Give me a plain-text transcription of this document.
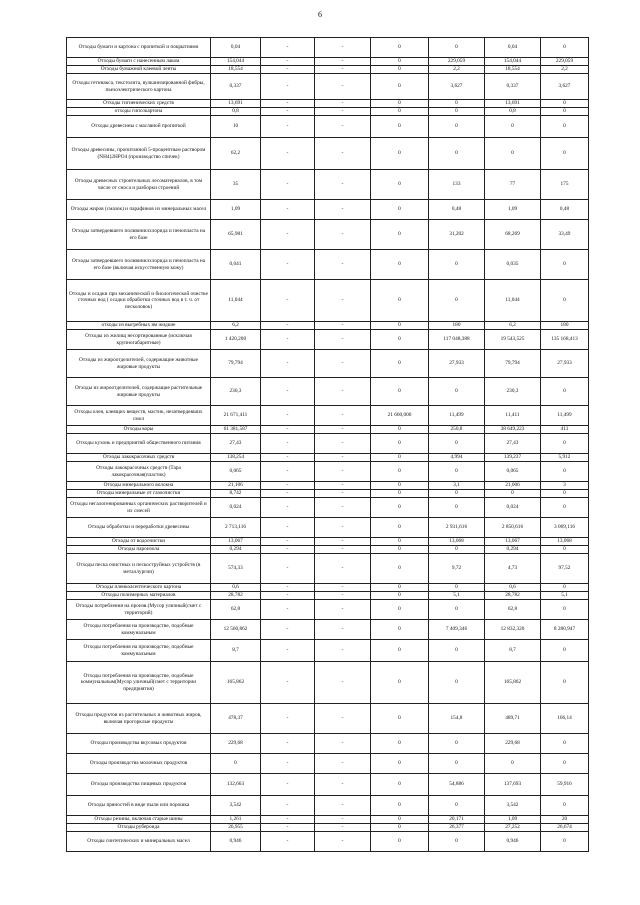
6
Отходы бумаги и картона с пропиткой и покрытиями	0,04	-	-	0	0	0,04	0
Отходы бумаги с нанесенным лаком	154,044	-	-	0	229,059	154,044	229,059
Отходы бумажной клеевой ленты	18,554	-	-	0	2,2	18,554	2,2
Отходы гетинакса, текстолита, вулканизированной фибры, пьезоэлектрического картона	0,337	-	-	0	3,627	0,337	3,627
Отходы гигиенических средств	13,691	-	-	0	0	13,691	0
отходы гипсокартона	0,8	-	-	0	0	0,8	0
Отходы древесины с масляной пропиткой	10	-	-	0	0	0	0
Отходы древесины, пропитанной 5-процентным раствором (NH4)2HPO4 (производство спичек)	62,2	-	-	0	0	0	0
Отходы древесных строительных лесоматериалов, в том числе от сноса и разборки строений	35	-	-	0	133	77	175
Отходы жиров (смазок) и парафинов из минеральных масел	1,09	-	-	0	0,48	1,09	0,48
Отходы затвердевшего поливинилхлорида и пенопласта на его базе	65,981	-	-	0	31,202	68,269	33,49
Отходы затвердевшего поливинилхлорида и пенопласта на его базе (включая искусственную кожу)	0,041	-	-	0	0	0,035	0
Отходы и осадки при механической и биологической очистке сточных вод ( осадки обработки сточных вод в т. ч. от песколовок)	11,044	-	-	0	0	11,044	0
отходы из выгребных ям жидкие	6,2	-	-	0	180	6,2	180
Отходы из жилищ несортированные (исключая крупногабаритные)	1 420,200	-	-	0	117 048,388	19 543,525	135 168,413
Отходы из жироотделителей, содержащие животные жировые продукты	79,794	-	-	0	27,933	79,794	27,933
Отходы из жироотделителей, содержащие растительные жировые продукты	230,3	-	-	0	0	230,3	0
Отходы клея, клеящих веществ, мастик, незатвердевших смол	21 671,411	-	-	21 660,000	11,499	11,411	11,499
Отходы коры	61 381,587	-	-	0	250,8	38 649,223	411
Отходы кухонь и предприятий общественного питания	27,43	-	-	0	0	27,43	0
Отходы лакокрасочных средств	138,254	-	-	0	4,994	139,237	5,912
Отходы лакокрасочных средств (Тара лакокрасочная(пластик)	0,065	-	-	0	0	0,065	0
Отходы минерального волокна	21,106	-	-	0	3,1	21,006	3
Отходы минеральные от газоочистки	8,742	-	-	0	0	0	0
Отходы негалогенированных органических растворителей и их смесей	0,024	-	-	0	0	0,024	0
Отходы обработки и переработки древесины	2 713,116	-	-	0	2 931,616	2 850,616	3 069,116
Отходы от водоочистки	13,067	-	-	0	13,068	13,067	13,068
Отходы пароизола	0,294	-	-	0	0	0,294	0
Отходы песка очистных и пескоструйных устройств (в металлургии)	574,33	-	-	0	9,72	4,73	97,52
Отходы пленкоасептического картона	0,6	-	-	0	0	0,6	0
Отходы полимерных материалов	28,782	-	-	0	5,1	28,782	5,1
Отходы потребления на произв.(Мусор уличный(смет с территорий)	62,8	-	-	0	0	62,8	0
Отходы потребления на производстве, подобные коммунальным	12 560,862	-	-	0	7 409,346	12 832,320	8 280,947
Отходы потребления на производстве, подобные коммунальным	8,7	-	-	0	0	8,7	0
Отходы потребления на производстве, подобные коммунальным(Мусор уличный(смет с территории предприятия)	165,862	-	-	0	0	165,862	0
Отходы продуктов из растительных и животных жиров, включая прогорклые продукты	478,37	-	-	0	154,8	489,71	166,14
Отходы производства вкусовых продуктов	229,68	-	-	0	0	229,68	0
Отходы производства молочных продуктов	0	-	-	0	0	0	0
Отходы производства пищевых продуктов	132,663	-	-	0	54,886	137,693	59,916
Отходы пряностей в виде пыли или порошка	3,542	-	-	0	0	3,542	0
Отходы резины, включая старые шины	1,261	-	-	0	20,171	1,09	20
Отходы рубероида	26,955	-	-	0	26,377	27,252	26,674
Отходы синтетических и минеральных масел	0,946	-	-	0	0	0,946	0
